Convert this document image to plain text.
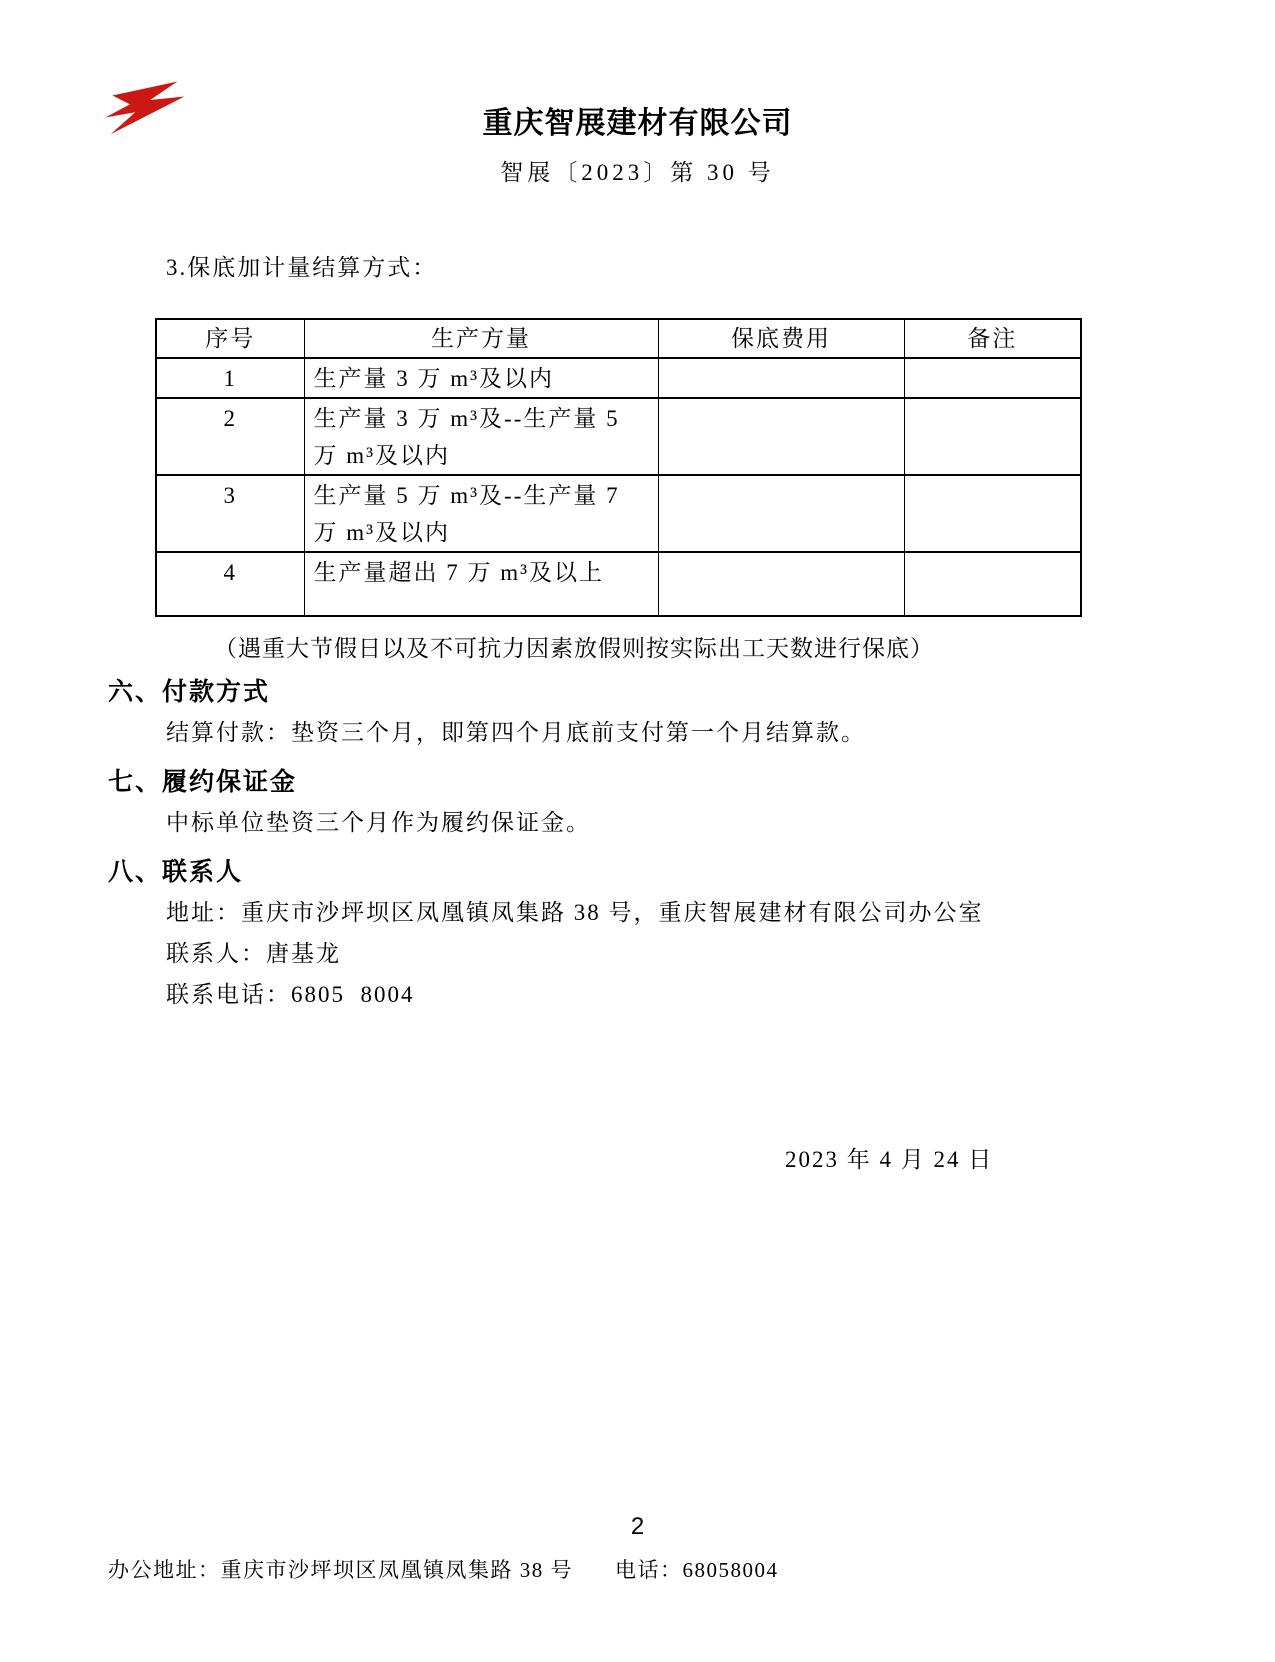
重庆智展建材有限公司
智展〔2023〕第 30 号
3.保底加计量结算方式：
序号	生产方量	保底费用	备注
1	生产量 3 万 m³及以内		
2	生产量 3 万 m³及--生产量 5 万 m³及以内		
3	生产量 5 万 m³及--生产量 7 万 m³及以内		
4	生产量超出 7 万 m³及以上		
（遇重大节假日以及不可抗力因素放假则按实际出工天数进行保底）
六、付款方式
结算付款：垫资三个月，即第四个月底前支付第一个月结算款。
七、履约保证金
中标单位垫资三个月作为履约保证金。
八、联系人
地址：重庆市沙坪坝区凤凰镇凤集路 38 号，重庆智展建材有限公司办公室
联系人：唐基龙
联系电话：6805  8004
2023 年 4 月 24 日
2
办公地址：重庆市沙坪坝区凤凰镇凤集路 38 号 电话：68058004
